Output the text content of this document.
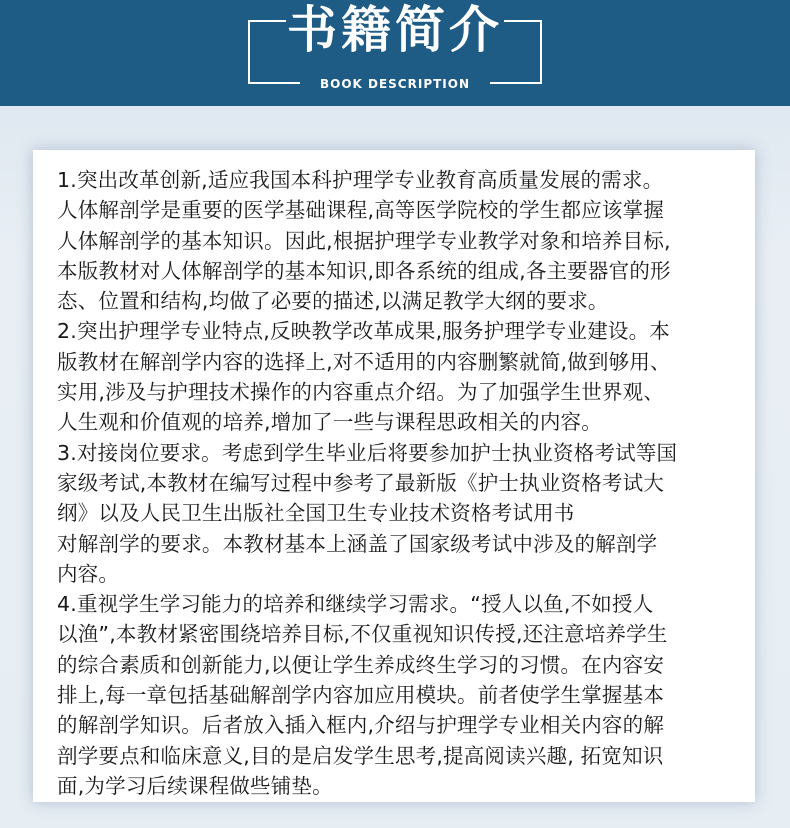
书籍简介
BOOK DESCRIPTION

1.突出改革创新,适应我国本科护理学专业教育高质量发展的需求。
人体解剖学是重要的医学基础课程,高等医学院校的学生都应该掌握
人体解剖学的基本知识。因此,根据护理学专业教学对象和培养目标,
本版教材对人体解剖学的基本知识,即各系统的组成,各主要器官的形
态、位置和结构,均做了必要的描述,以满足教学大纲的要求。
2.突出护理学专业特点,反映教学改革成果,服务护理学专业建设。本
版教材在解剖学内容的选择上,对不适用的内容删繁就简,做到够用、
实用,涉及与护理技术操作的内容重点介绍。为了加强学生世界观、
人生观和价值观的培养,增加了一些与课程思政相关的内容。
3.对接岗位要求。考虑到学生毕业后将要参加护士执业资格考试等国
家级考试,本教材在编写过程中参考了最新版《护士执业资格考试大
纲》以及人民卫生出版社全国卫生专业技术资格考试用书
对解剖学的要求。本教材基本上涵盖了国家级考试中涉及的解剖学
内容。
4.重视学生学习能力的培养和继续学习需求。“授人以鱼,不如授人
以渔”,本教材紧密围绕培养目标,不仅重视知识传授,还注意培养学生
的综合素质和创新能力,以便让学生养成终生学习的习惯。在内容安
排上,每一章包括基础解剖学内容加应用模块。前者使学生掌握基本
的解剖学知识。后者放入插入框内,介绍与护理学专业相关内容的解
剖学要点和临床意义,目的是启发学生思考,提高阅读兴趣, 拓宽知识
面,为学习后续课程做些铺垫。
